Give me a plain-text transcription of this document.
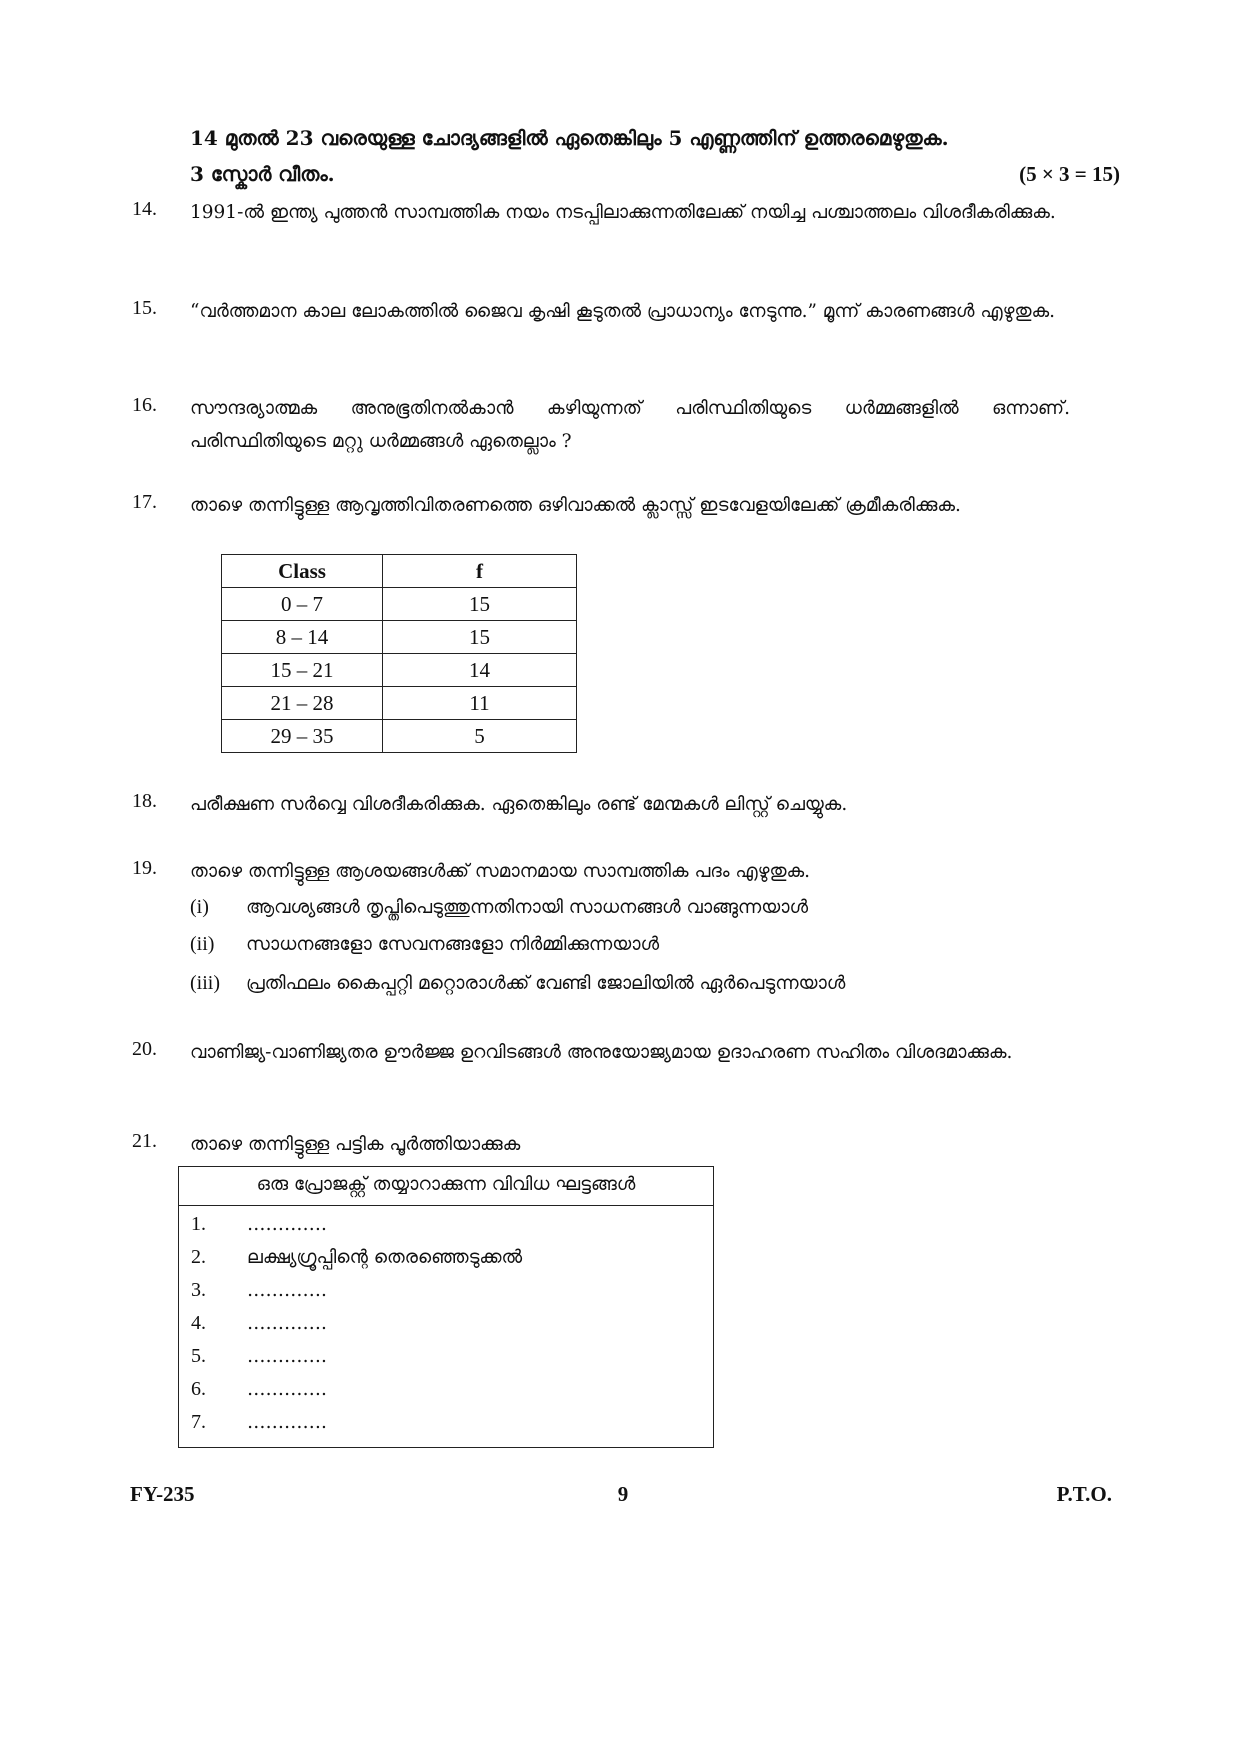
14 മുതൽ 23 വരെയുള്ള ചോദ്യങ്ങളിൽ ഏതെങ്കിലും 5 എണ്ണത്തിന് ഉത്തരമെഴുതുക.
3 സ്കോർ വീതം.	(5 × 3 = 15)
14.	1991-ൽ ഇന്ത്യ പുത്തൻ സാമ്പത്തിക നയം നടപ്പിലാക്കുന്നതിലേക്ക് നയിച്ച പശ്ചാത്തലം വിശദീകരിക്കുക.
15.	“വർത്തമാന കാല ലോകത്തിൽ ജൈവ കൃഷി കൂടുതൽ പ്രാധാന്യം നേടുന്നു.” മൂന്ന് കാരണങ്ങൾ എഴുതുക.
16.	സൗന്ദര്യാത്മക അനുഭൂതിനൽകാൻ കഴിയുന്നത് പരിസ്ഥിതിയുടെ ധർമ്മങ്ങളിൽ ഒന്നാണ്. പരിസ്ഥിതിയുടെ മറ്റു ധർമ്മങ്ങൾ ഏതെല്ലാം ?
17.	താഴെ തന്നിട്ടുള്ള ആവൃത്തിവിതരണത്തെ ഒഴിവാക്കൽ ക്ലാസ്സ് ഇടവേളയിലേക്ക് ക്രമീകരിക്കുക.
Class	f
0 – 7	15
8 – 14	15
15 – 21	14
21 – 28	11
29 – 35	5
18.	പരീക്ഷണ സർവ്വെ വിശദീകരിക്കുക. ഏതെങ്കിലും രണ്ട് മേന്മകൾ ലിസ്റ്റ് ചെയ്യുക.
19.	താഴെ തന്നിട്ടുള്ള ആശയങ്ങൾക്ക് സമാനമായ സാമ്പത്തിക പദം എഴുതുക.
(i) ആവശ്യങ്ങൾ തൃപ്തിപെടുത്തുന്നതിനായി സാധനങ്ങൾ വാങ്ങുന്നയാൾ
(ii) സാധനങ്ങളോ സേവനങ്ങളോ നിർമ്മിക്കുന്നയാൾ
(iii) പ്രതിഫലം കൈപ്പറ്റി മറ്റൊരാൾക്ക് വേണ്ടി ജോലിയിൽ ഏർപെടുന്നയാൾ
20.	വാണിജ്യ-വാണിജ്യതര ഊർജ്ജ ഉറവിടങ്ങൾ അനുയോജ്യമായ ഉദാഹരണ സഹിതം വിശദമാക്കുക.
21.	താഴെ തന്നിട്ടുള്ള പട്ടിക പൂർത്തിയാക്കുക
ഒരു പ്രോജക്റ്റ് തയ്യാറാക്കുന്ന വിവിധ ഘട്ടങ്ങൾ
1. ………….
2. ലക്ഷ്യഗ്രൂപ്പിന്റെ തെരഞ്ഞെടുക്കൽ
3. ………….
4. ………….
5. ………….
6. ………….
7. ………….
FY-235	9	P.T.O.
